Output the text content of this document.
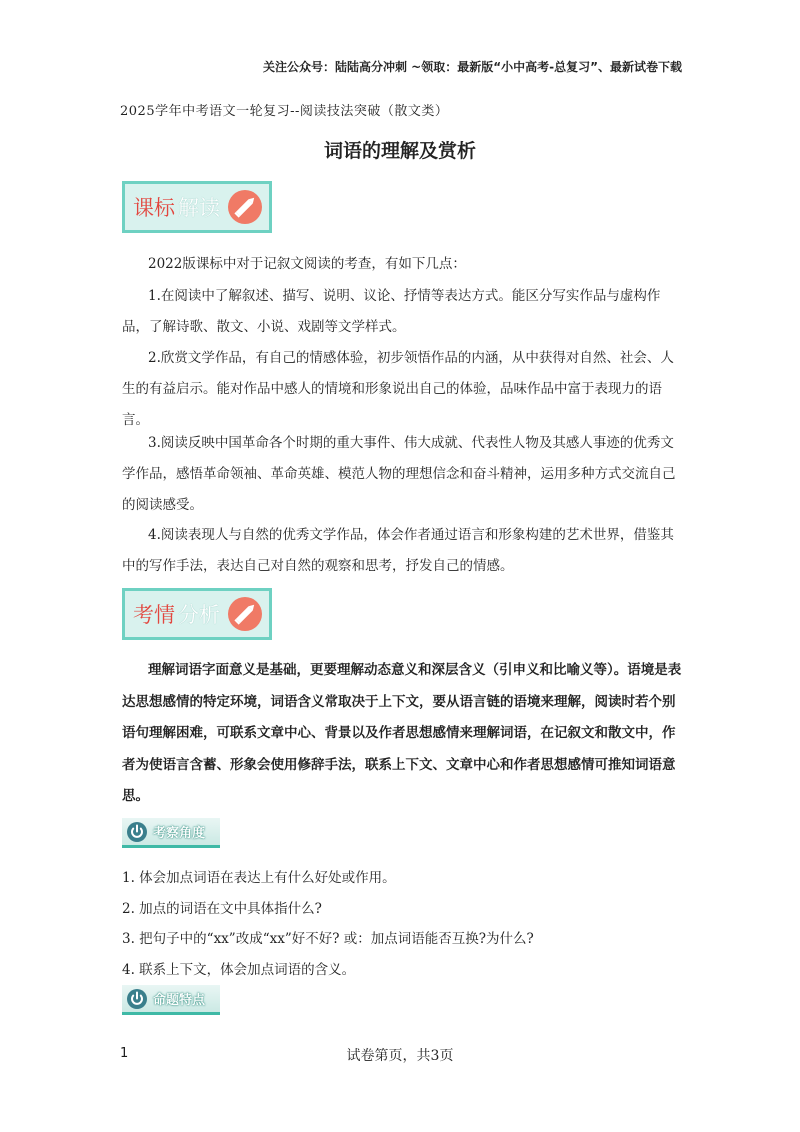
关注公众号：陆陆高分冲刺 ~领取：最新版“小中高考-总复习”、最新试卷下载
2025学年中考语文一轮复习--阅读技法突破（散文类）
词语的理解及赏析
课标 解读
2022版课标中对于记叙文阅读的考查，有如下几点：
1.在阅读中了解叙述、描写、说明、议论、抒情等表达方式。能区分写实作品与虚构作品，了解诗歌、散文、小说、戏剧等文学样式。
2.欣赏文学作品，有自己的情感体验，初步领悟作品的内涵，从中获得对自然、社会、人生的有益启示。能对作品中感人的情境和形象说出自己的体验，品味作品中富于表现力的语言。
3.阅读反映中国革命各个时期的重大事件、伟大成就、代表性人物及其感人事迹的优秀文学作品，感悟革命领袖、革命英雄、模范人物的理想信念和奋斗精神，运用多种方式交流自己的阅读感受。
4.阅读表现人与自然的优秀文学作品，体会作者通过语言和形象构建的艺术世界，借鉴其中的写作手法，表达自己对自然的观察和思考，抒发自己的情感。
考情 分析
理解词语字面意义是基础，更要理解动态意义和深层含义（引申义和比喻义等）。语境是表达思想感情的特定环境，词语含义常取决于上下文，要从语言链的语境来理解，阅读时若个别语句理解困难，可联系文章中心、背景以及作者思想感情来理解词语，在记叙文和散文中，作者为使语言含蓄、形象会使用修辞手法，联系上下文、文章中心和作者思想感情可推知词语意思。
考察角度
1. 体会加点词语在表达上有什么好处或作用。
2. 加点的词语在文中具体指什么?
3. 把句子中的“xx”改成“xx”好不好? 或：加点词语能否互换?为什么?
4. 联系上下文，体会加点词语的含义。
命题特点
1	试卷第页，共3页
